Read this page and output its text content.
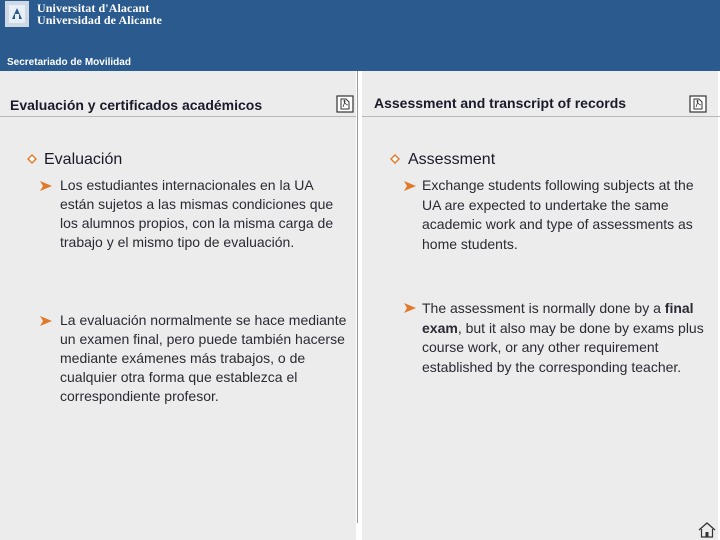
Universitat d'Alacant
Universidad de Alicante
Secretariado de Movilidad
Evaluación y certificados académicos
Evaluación
Los estudiantes internacionales en la UA están sujetos a las mismas condiciones que los alumnos propios, con la misma carga de trabajo y el mismo tipo de evaluación.
La evaluación normalmente se hace mediante un examen final, pero puede también hacerse mediante exámenes más trabajos, o de cualquier otra forma que establezca el correspondiente profesor.
Assessment and transcript of records
Assessment
Exchange students following subjects at the UA are expected to undertake the same academic work and type of assessments as home students.
The assessment is normally done by a final exam, but it also may be done by exams plus course work, or any other requirement established by the corresponding teacher.
